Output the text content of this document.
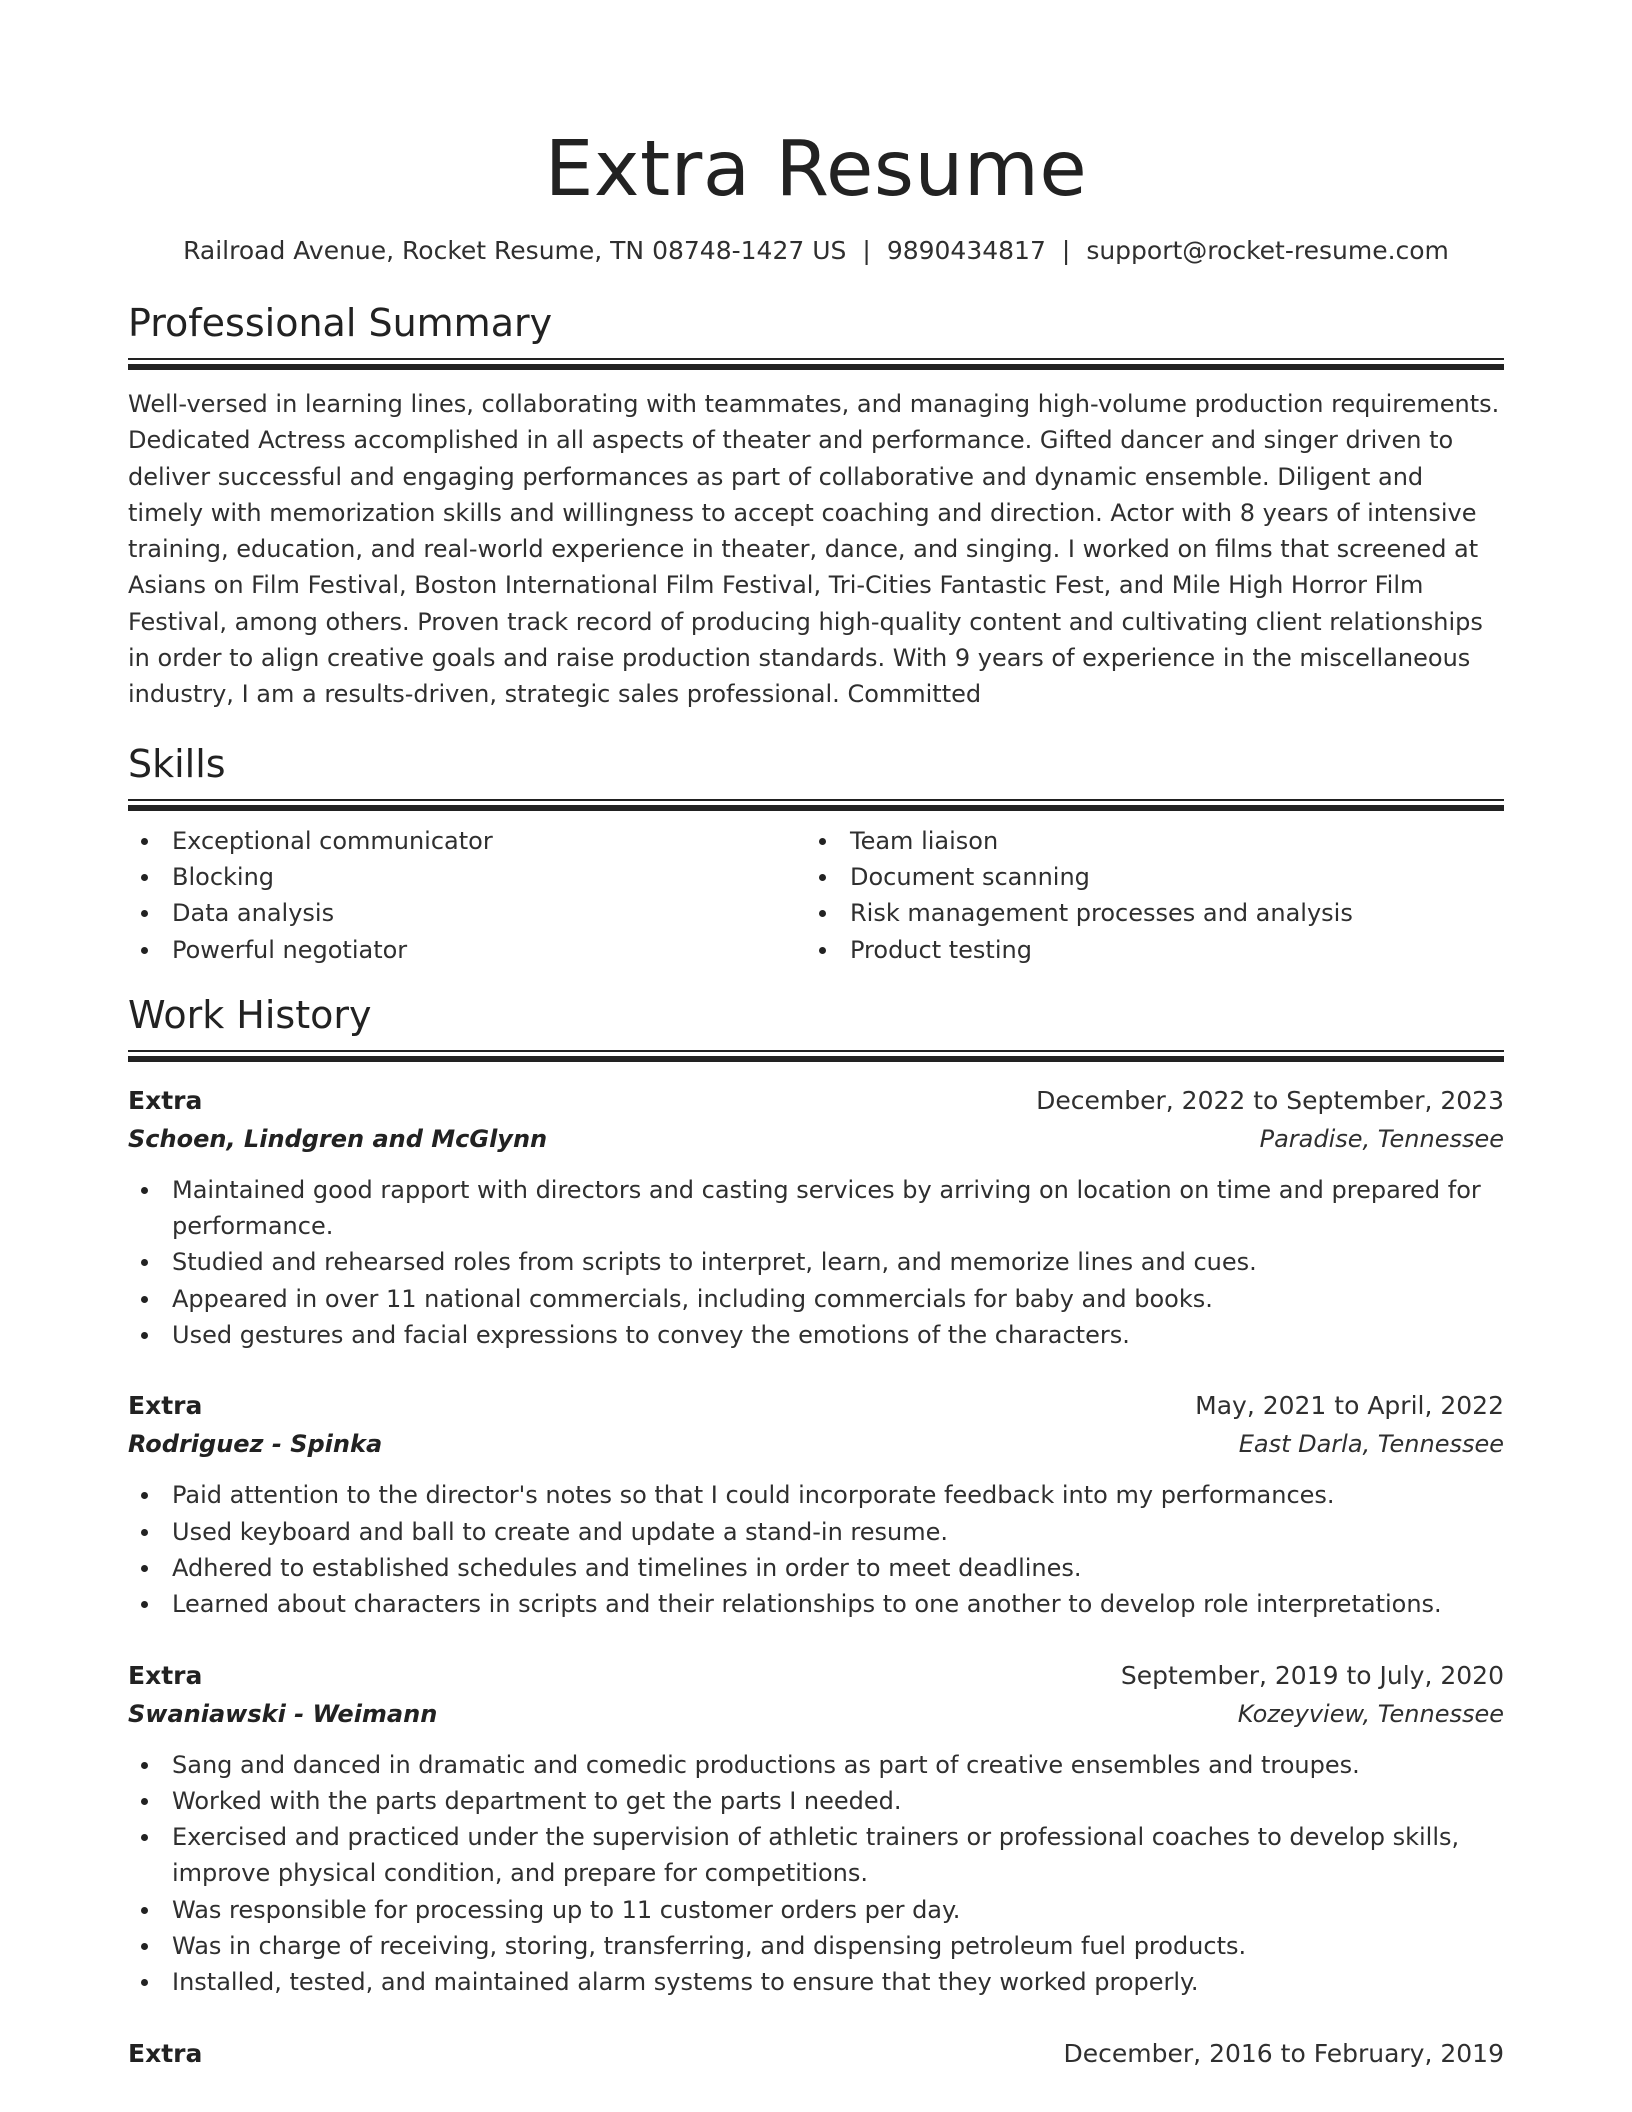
Extra Resume
Railroad Avenue, Rocket Resume, TN 08748-1427 US | 9890434817 | support@rocket-resume.com
Professional Summary

Well-versed in learning lines, collaborating with teammates, and managing high-volume production requirements. Dedicated Actress accomplished in all aspects of theater and performance. Gifted dancer and singer driven to deliver successful and engaging performances as part of collaborative and dynamic ensemble. Diligent and timely with memorization skills and willingness to accept coaching and direction. Actor with 8 years of intensive training, education, and real-world experience in theater, dance, and singing. I worked on films that screened at Asians on Film Festival, Boston International Film Festival, Tri-Cities Fantastic Fest, and Mile High Horror Film Festival, among others. Proven track record of producing high-quality content and cultivating client relationships in order to align creative goals and raise production standards. With 9 years of experience in the miscellaneous industry, I am a results-driven, strategic sales professional. Committed

Skills
Exceptional communicator
Blocking
Data analysis
Powerful negotiator
Team liaison
Document scanning
Risk management processes and analysis
Product testing
Work History
Extra	December, 2022 to September, 2023
Schoen, Lindgren and McGlynn	Paradise, Tennessee
Maintained good rapport with directors and casting services by arriving on location on time and prepared for performance.
Studied and rehearsed roles from scripts to interpret, learn, and memorize lines and cues.
Appeared in over 11 national commercials, including commercials for baby and books.
Used gestures and facial expressions to convey the emotions of the characters.
Extra	May, 2021 to April, 2022
Rodriguez - Spinka	East Darla, Tennessee
Paid attention to the director's notes so that I could incorporate feedback into my performances.
Used keyboard and ball to create and update a stand-in resume.
Adhered to established schedules and timelines in order to meet deadlines.
Learned about characters in scripts and their relationships to one another to develop role interpretations.
Extra	September, 2019 to July, 2020
Swaniawski - Weimann	Kozeyview, Tennessee
Sang and danced in dramatic and comedic productions as part of creative ensembles and troupes.
Worked with the parts department to get the parts I needed.
Exercised and practiced under the supervision of athletic trainers or professional coaches to develop skills, improve physical condition, and prepare for competitions.
Was responsible for processing up to 11 customer orders per day.
Was in charge of receiving, storing, transferring, and dispensing petroleum fuel products.
Installed, tested, and maintained alarm systems to ensure that they worked properly.
Extra	December, 2016 to February, 2019
